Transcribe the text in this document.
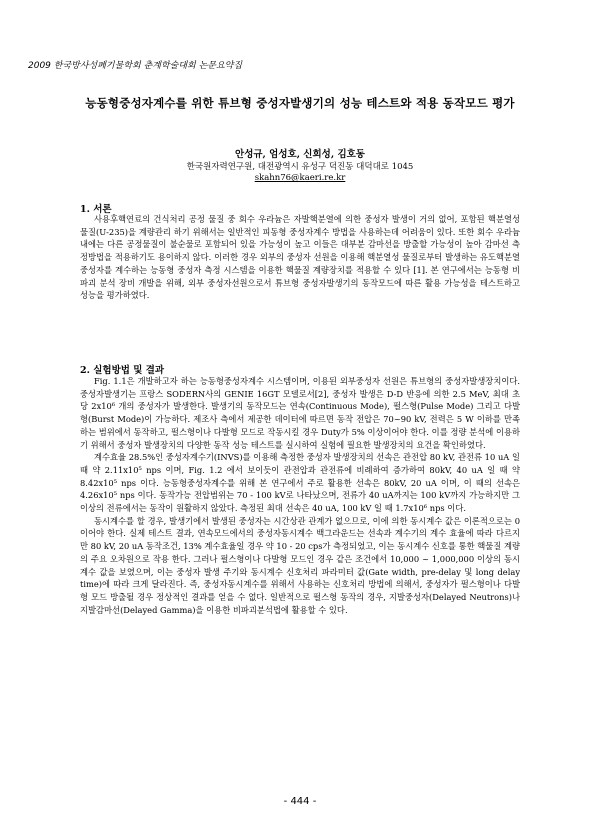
2009 한국방사성폐기물학회 춘계학술대회 논문요약집
능동형중성자계수를 위한 튜브형 중성자발생기의 성능 테스트와 적용 동작모드 평가
안성규, 엄성호, 신희성, 김호동
한국원자력연구원, 대전광역시 유성구 덕진동 대덕대로 1045
skahn76@kaeri.re.kr
1. 서론

사용후핵연료의 건식처리 공정 물질 중 회수 우라늄은 자발핵분열에 의한 중성자 발생이 거의 없어, 포함된 핵분열성 물질(U-235)을 계량관리 하기 위해서는 일반적인 피동형 중성자계수 방법을 사용하는데 어려움이 있다. 또한 회수 우라늄 내에는 다른 공정물질이 불순물로 포함되어 있을 가능성이 높고 이들은 대부분 감마선을 방출할 가능성이 높아 감마선 측정방법을 적용하기도 용이하지 않다. 이러한 경우 외부의 중성자 선원을 이용해 핵분열성 물질로부터 발생하는 유도핵분열 중성자를 계수하는 능동형 중성자 측정 시스템을 이용한 핵물질 계량장치를 적용할 수 있다 [1]. 본 연구에서는 능동형 비파괴 분석 장비 개발을 위해, 외부 중성자선원으로서 튜브형 중성자발생기의 동작모드에 따른 활용 가능성을 테스트하고 성능을 평가하였다.

2. 실험방법 및 결과

Fig. 1.1은 개발하고자 하는 능동형중성자계수 시스템이며, 이용된 외부중성자 선원은 튜브형의 중성자발생장치이다. 중성자발생기는 프랑스 SODERN사의 GENIE 16GT 모델로서[2], 중성자 발생은 D-D 반응에 의한 2.5 MeV, 최대 초당 2x10⁶ 개의 중성자가 발생한다. 발생기의 동작모드는 연속(Continuous Mode), 펄스형(Pulse Mode) 그리고 다발형(Burst Mode)이 가능하다. 제조사 측에서 제공한 데이터에 따르면 동작 전압은 70~90 kV, 전력은 5 W 이하를 만족하는 범위에서 동작하고, 펄스형이나 다발형 모드로 작동시킬 경우 Duty가 5% 이상이어야 한다. 이를 정량 분석에 이용하기 위해서 중성자 발생장치의 다양한 동작 성능 테스트를 실시하여 실험에 필요한 발생장치의 요건을 확인하였다.

계수효율 28.5%인 중성자계수기(INVS)를 이용해 측정한 중성자 발생장치의 선속은 관전압 80 kV, 관전류 10 uA 일 때 약 2.11x10⁵ nps 이며, Fig. 1.2 에서 보이듯이 관전압과 관전류에 비례하여 증가하여 80kV, 40 uA 일 때 약 8.42x10⁵ nps 이다. 능동형중성자계수를 위해 본 연구에서 주로 활용한 선속은 80kV, 20 uA 이며, 이 때의 선속은 4.26x10⁵ nps 이다. 동작가능 전압범위는 70 - 100 kV로 나타났으며, 전류가 40 uA까지는 100 kV까지 가능하지만 그 이상의 전류에서는 동작이 원활하지 않았다. 측정된 최대 선속은 40 uA, 100 kV 일 때 1.7x10⁶ nps 이다.

동시계수를 할 경우, 발생기에서 발생된 중성자는 시간상관 관계가 없으므로, 이에 의한 동시계수 값은 이론적으로는 0 이어야 한다. 실제 테스트 결과, 연속모드에서의 중성자동시계수 백그라운드는 선속과 계수기의 계수 효율에 따라 다르지만 80 kV, 20 uA 동작조건, 13% 계수효율일 경우 약 10 - 20 cps가 측정되었고, 이는 동시계수 신호를 통한 핵물질 계량의 주요 오차원으로 작용 한다. 그러나 펄스형이나 다발형 모드인 경우 같은 조건에서 10,000 ~ 1,000,000 이상의 동시계수 값을 보였으며, 이는 중성자 발생 주기와 동시계수 신호처리 파라미터 값(Gate width, pre-delay 및 long delay time)에 따라 크게 달라진다. 즉, 중성자동시계수를 위해서 사용하는 신호처리 방법에 의해서, 중성자가 펄스형이나 다발형 모드 방출될 경우 정상적인 결과를 얻을 수 없다. 일반적으로 펄스형 동작의 경우, 지발중성자(Delayed Neutrons)나 지발감마선(Delayed Gamma)을 이용한 비파괴분석법에 활용할 수 있다.

- 444 -
